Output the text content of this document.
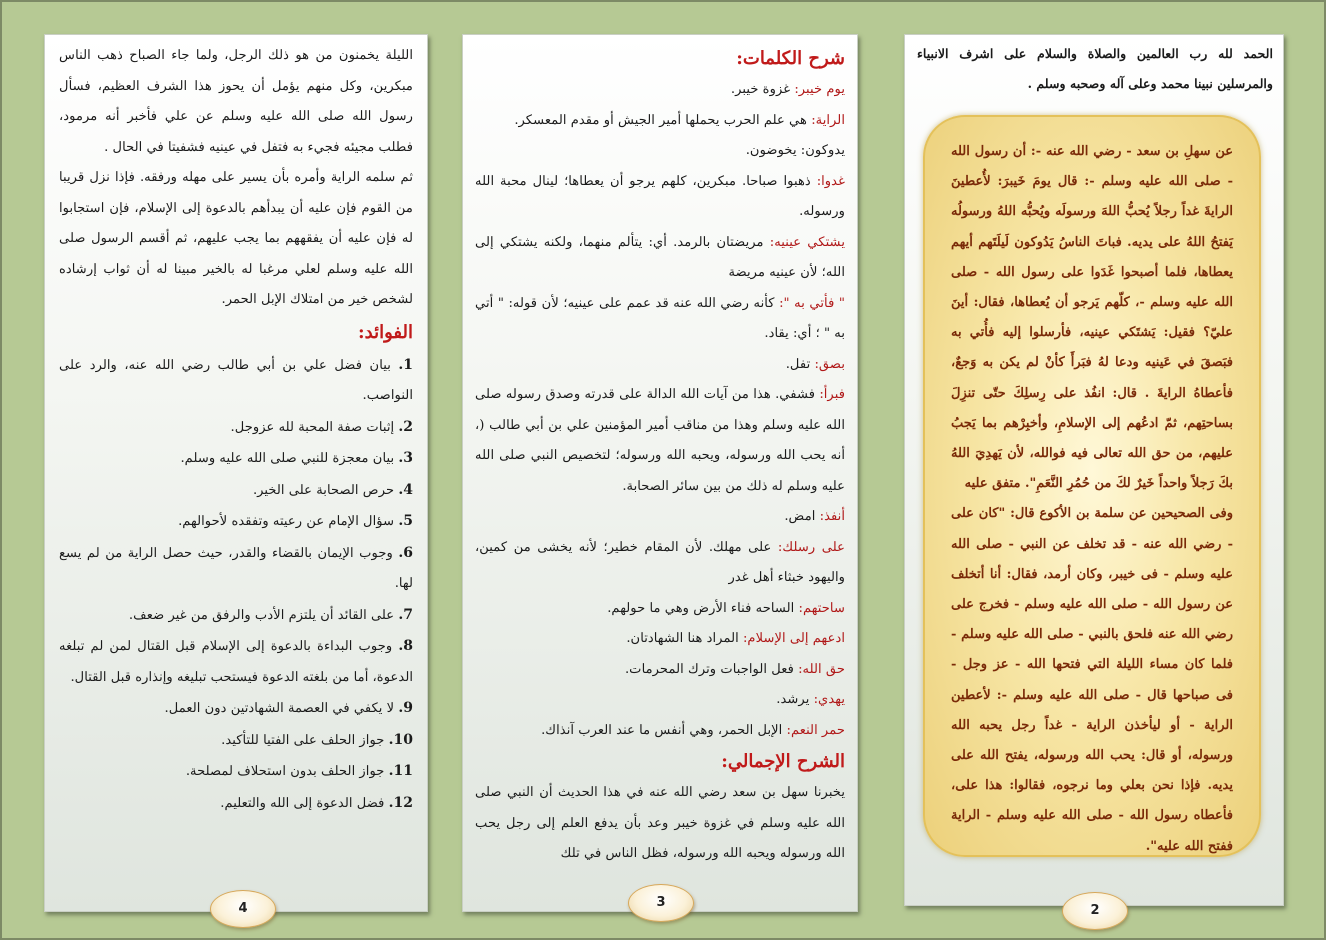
الليلة يخمنون من هو ذلك الرجل، ولما جاء الصباح ذهب الناس مبكرين، وكل منهم يؤمل أن يحوز هذا الشرف العظيم، فسأل رسول الله صلى الله عليه وسلم عن علي فأخبر أنه مرمود، فطلب مجيئه فجيء به فتفل في عينيه فشفيتا في الحال .

ثم سلمه الراية وأمره بأن يسير على مهله ورفقه. فإذا نزل قريبا من القوم فإن عليه أن يبدأهم بالدعوة إلى الإسلام، فإن استجابوا له فإن عليه أن يفقههم بما يجب عليهم، ثم أقسم الرسول صلى الله عليه وسلم لعلي مرغبا له بالخير مبينا له أن ثواب إرشاده لشخص خير من امتلاك الإبل الحمر.

الفوائد:
1. بيان فضل علي بن أبي طالب رضي الله عنه، والرد على النواصب.
2. إثبات صفة المحبة لله عزوجل.
3. بيان معجزة للنبي صلى الله عليه وسلم.
4. حرص الصحابة على الخير.
5. سؤال الإمام عن رعيته وتفقده لأحوالهم.
6. وجوب الإيمان بالقضاء والقدر، حيث حصل الراية من لم يسع لها.
7. على القائد أن يلتزم الأدب والرفق من غير ضعف.
8. وجوب البداءة بالدعوة إلى الإسلام قبل القتال لمن لم تبلغه الدعوة، أما من بلغته الدعوة فيستحب تبليغه وإنذاره قبل القتال.
9. لا يكفي في العصمة الشهادتين دون العمل.
10. جواز الحلف على الفتيا للتأكيد.
11. جواز الحلف بدون استحلاف لمصلحة.
12. فضل الدعوة إلى الله والتعليم.
4
شرح الكلمات:

يوم خيبر: غزوة خيبر.

الراية: هي علم الحرب يحملها أمير الجيش أو مقدم المعسكر.

يدوكون: يخوضون.

غدوا: ذهبوا صباحا. مبكرين، كلهم يرجو أن يعطاها؛ لينال محبة الله ورسوله.

يشتكي عينيه: مريضتان بالرمد. أي: يتألم منهما، ولكنه يشتكي إلى الله؛ لأن عينيه مريضة

" فأتي به ": كأنه رضي الله عنه قد عمم على عينيه؛ لأن قوله: " أتي به " ؛ أي: يقاد.

بصق: تفل.

فبرأ: فشفي. هذا من آيات الله الدالة على قدرته وصدق رسوله صلى الله عليه وسلم وهذا من مناقب أمير المؤمنين علي بن أبي طالب (، أنه يحب الله ورسوله، ويحبه الله ورسوله؛ لتخصيص النبي صلى الله عليه وسلم له ذلك من بين سائر الصحابة.

أنفذ: امض.

على رسلك: على مهلك. لأن المقام خطير؛ لأنه يخشى من كمين، واليهود خبثاء أهل غدر

ساحتهم: الساحه فناء الأرض وهي ما حولهم.

ادعهم إلى الإسلام: المراد هنا الشهادتان.

حق الله: فعل الواجبات وترك المحرمات.

يهدي: يرشد.

حمر النعم: الإبل الحمر، وهي أنفس ما عند العرب آنذاك.

الشرح الإجمالي:

يخبرنا سهل بن سعد رضي الله عنه في هذا الحديث أن النبي صلى الله عليه وسلم في غزوة خيبر وعد بأن يدفع العلم إلى رجل يحب الله ورسوله ويحبه الله ورسوله، فظل الناس في تلك

3
الحمد لله رب العالمين والصلاة والسلام على اشرف الانبياء والمرسلين نبينا محمد وعلى آله وصحبه وسلم .

عن سهلِ بن سعد - رضي الله عنه -: أن رسول الله - صلى الله عليه وسلم -: قال يومَ خَيبرَ: لأُعطينَ الرايةَ غداً رجلاً يُحبُّ اللهَ ورسولَه ويُحبُّه اللهُ ورسولُه يَفتحُ اللهُ على يديه. فباتَ الناسُ يَدُوكون لَيلَتَهم أيهم يعطاها، فلما أصبحوا غَدَوا على رسول الله - صلى الله عليه وسلم -، كلّهم يَرجو أن يُعطاها، فقال: أينَ عليّ؟ فقيل: يَشتَكي عينيه، فأرسلوا إليه فأُتي به فبَصقَ في عَينيه ودعا لهُ فبَرأَ كأنْ لم يكن به وَجعٌ، فأعطاهُ الرايةَ . قال: انفُذ على رِسلِكَ حتّى تنزِلَ بساحتِهم، ثمّ ادعُهم إلى الإسلامِ، وأخبِرْهم بما يَجبُ عليهم، من حق الله تعالى فيه فوالله، لأن يَهدِيَ اللهُ بكَ رَجلاً واحداً خَيرٌ لكَ من حُمُرِ النَّعَمِ". متفق عليه

وفى الصحيحين عن سلمة بن الأكوع قال: "كان على - رضي الله عنه - قد تخلف عن النبي - صلى الله عليه وسلم - فى خيبر، وكان أرمد، فقال: أنا أتخلف عن رسول الله - صلى الله عليه وسلم - فخرج على رضي الله عنه فلحق بالنبي - صلى الله عليه وسلم - فلما كان مساء الليلة التي فتحها الله - عز وجل - فى صباحها قال - صلى الله عليه وسلم -: لأعطين الراية - أو ليأخذن الراية - غداً رجل يحبه الله ورسوله، أو قال: يحب الله ورسوله، يفتح الله على يديه. فإذا نحن بعلي وما نرجوه، فقالوا: هذا على، فأعطاه رسول الله - صلى الله عليه وسلم - الراية ففتح الله عليه".

2
